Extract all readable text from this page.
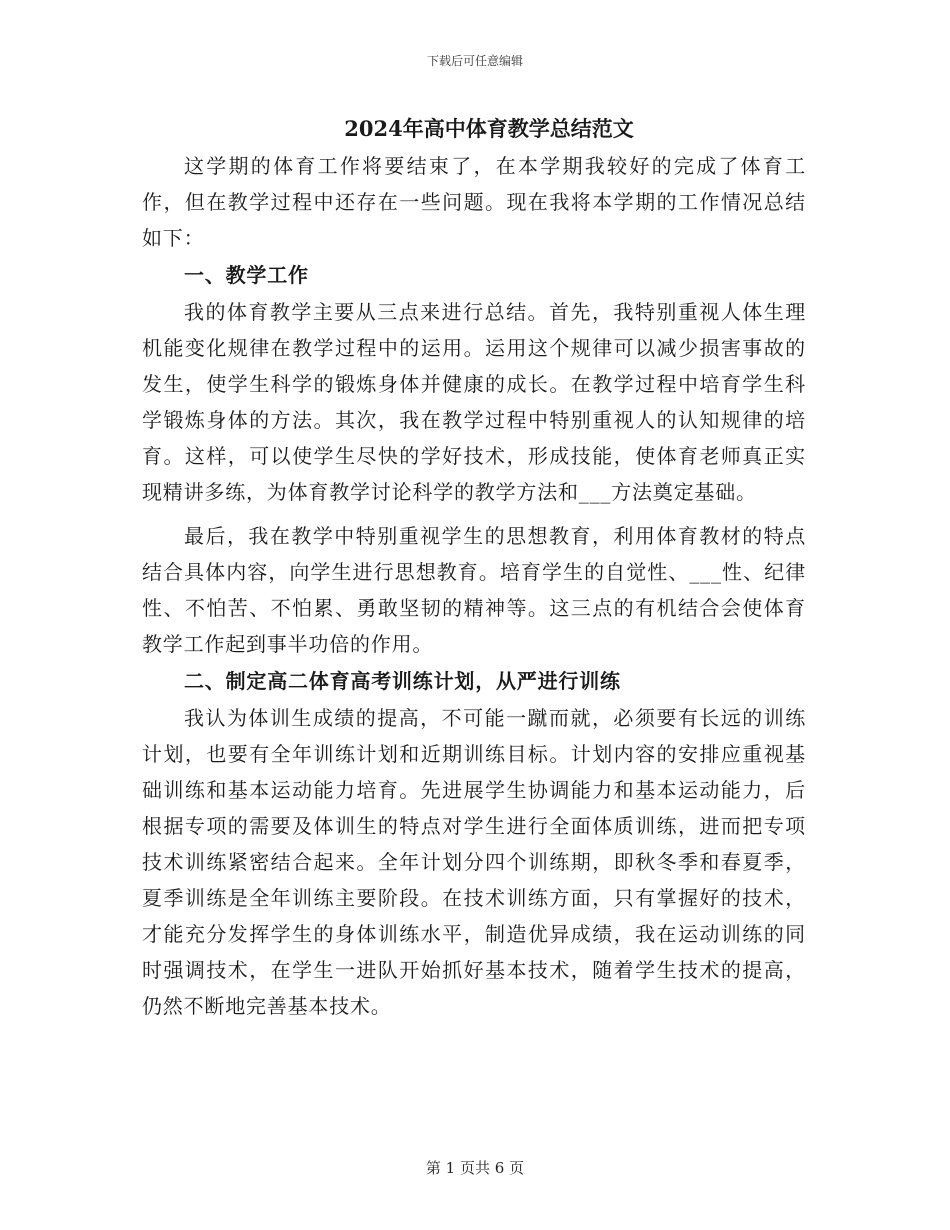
下载后可任意编辑
2024年高中体育教学总结范文

这学期的体育工作将要结束了，在本学期我较好的完成了体育工作，但在教学过程中还存在一些问题。现在我将本学期的工作情况总结如下：

一、教学工作

我的体育教学主要从三点来进行总结。首先，我特别重视人体生理机能变化规律在教学过程中的运用。运用这个规律可以减少损害事故的发生，使学生科学的锻炼身体并健康的成长。在教学过程中培育学生科学锻炼身体的方法。其次，我在教学过程中特别重视人的认知规律的培育。这样，可以使学生尽快的学好技术，形成技能，使体育老师真正实现精讲多练，为体育教学讨论科学的教学方法和___方法奠定基础。

最后，我在教学中特别重视学生的思想教育，利用体育教材的特点结合具体内容，向学生进行思想教育。培育学生的自觉性、___性、纪律性、不怕苦、不怕累、勇敢坚韧的精神等。这三点的有机结合会使体育教学工作起到事半功倍的作用。

二、制定高二体育高考训练计划，从严进行训练

我认为体训生成绩的提高，不可能一蹴而就，必须要有长远的训练计划，也要有全年训练计划和近期训练目标。计划内容的安排应重视基础训练和基本运动能力培育。先进展学生协调能力和基本运动能力，后根据专项的需要及体训生的特点对学生进行全面体质训练，进而把专项技术训练紧密结合起来。全年计划分四个训练期，即秋冬季和春夏季，夏季训练是全年训练主要阶段。在技术训练方面，只有掌握好的技术，才能充分发挥学生的身体训练水平，制造优异成绩，我在运动训练的同时强调技术，在学生一进队开始抓好基本技术，随着学生技术的提高，仍然不断地完善基本技术。

第 1 页共 6 页
